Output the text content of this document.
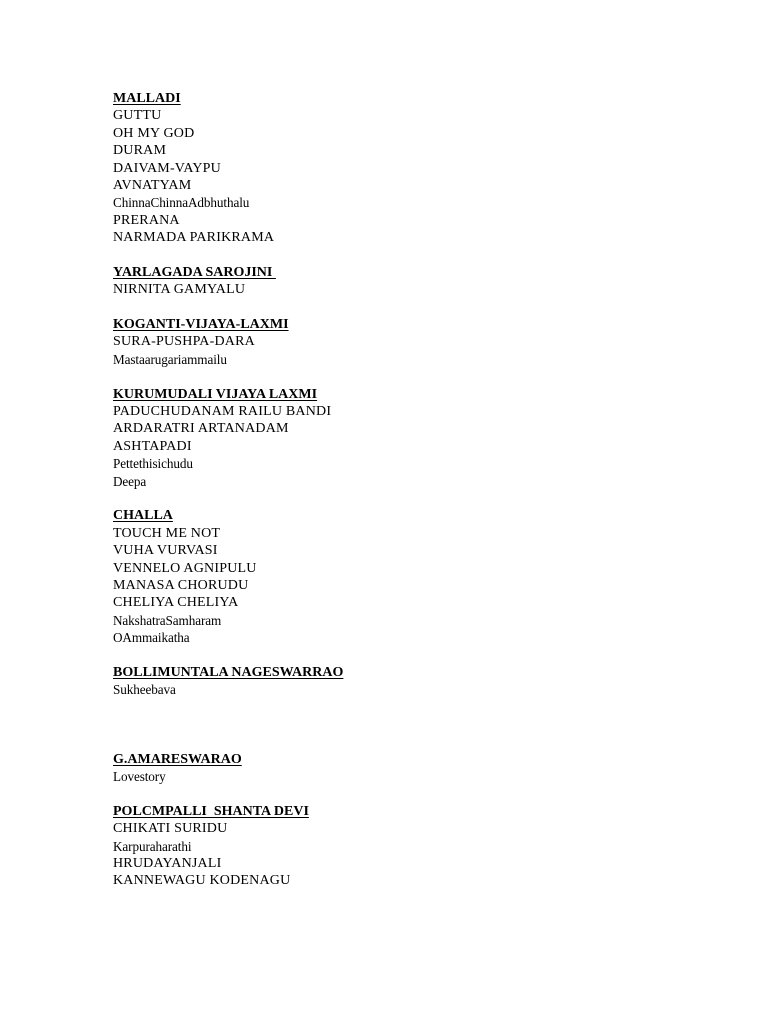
MALLADI
GUTTU
OH MY GOD
DURAM
DAIVAM-VAYPU
AVNATYAM
ChinnaChinnaAdbhuthalu
PRERANA
NARMADA PARIKRAMA
YARLAGADA SAROJINI
NIRNITA GAMYALU
KOGANTI-VIJAYA-LAXMI
SURA-PUSHPA-DARA
Mastaarugariammailu
KURUMUDALI VIJAYA LAXMI
PADUCHUDANAM RAILU BANDI
ARDARATRI ARTANADAM
ASHTAPADI
Pettethisichudu
Deepa
CHALLA
TOUCH ME NOT
VUHA VURVASI
VENNELO AGNIPULU
MANASA CHORUDU
CHELIYA CHELIYA
NakshatraSamharam
OAmmaikatha
BOLLIMUNTALA NAGESWARRAO
Sukheebava
G.AMARESWARAO
Lovestory
POLCMPALLI  SHANTA DEVI
CHIKATI SURIDU
Karpuraharathi
HRUDAYANJALI
KANNEWAGU KODENAGU
